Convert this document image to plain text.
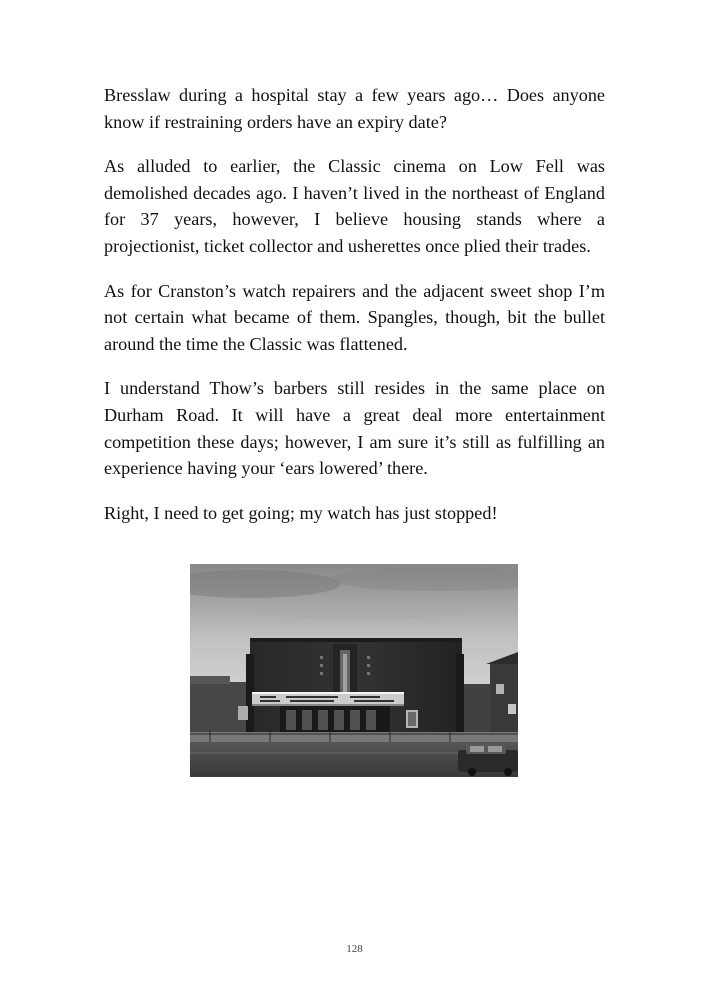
Bresslaw during a hospital stay a few years ago… Does anyone know if restraining orders have an expiry date?

As alluded to earlier, the Classic cinema on Low Fell was demolished decades ago. I haven’t lived in the northeast of England for 37 years, however, I believe housing stands where a projectionist, ticket collector and usherettes once plied their trades.

As for Cranston’s watch repairers and the adjacent sweet shop I’m not certain what became of them. Spangles, though, bit the bullet around the time the Classic was flattened.

I understand Thow’s barbers still resides in the same place on Durham Road. It will have a great deal more entertainment competition these days; however, I am sure it’s still as fulfilling an experience having your ‘ears lowered’ there.

Right, I need to get going; my watch has just stopped!

128
